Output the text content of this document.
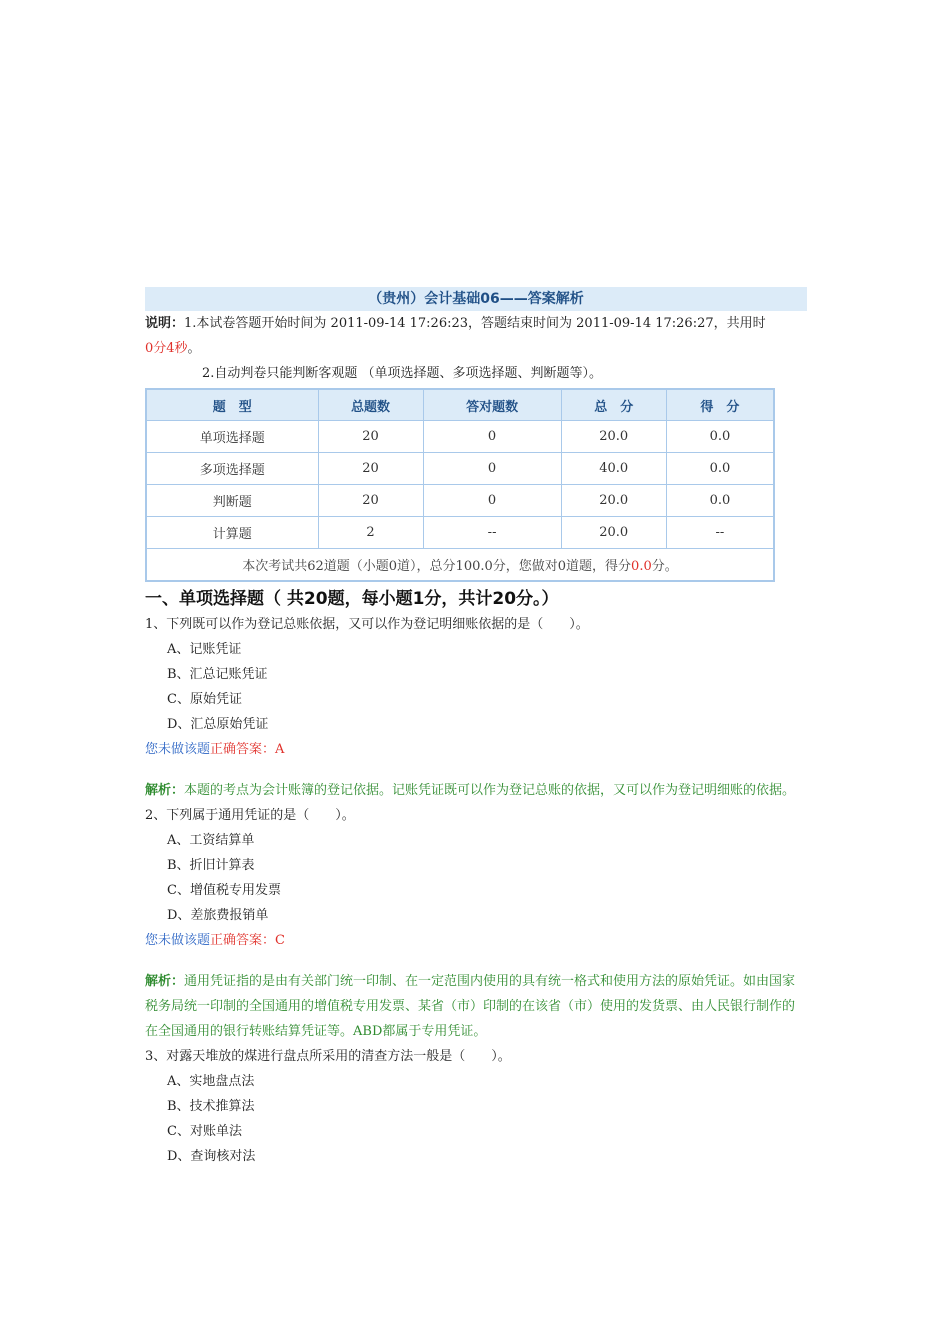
（贵州）会计基础06——答案解析
说明：1.本试卷答题开始时间为 2011-09-14 17:26:23，答题结束时间为 2011-09-14 17:26:27，共用时
0分4秒。
2.自动判卷只能判断客观题 （单项选择题、多项选择题、判断题等）。
题　型	总题数	答对题数	总　分	得　分
单项选择题	20	0	20.0	0.0
多项选择题	20	0	40.0	0.0
判断题	20	0	20.0	0.0
计算题	2	--	20.0	--
本次考试共62道题（小题0道），总分100.0分，您做对0道题，得分0.0分。				
一、单项选择题（ 共20题，每小题1分，共计20分。）
1、下列既可以作为登记总账依据，又可以作为登记明细账依据的是（　　）。
A、记账凭证
B、汇总记账凭证
C、原始凭证
D、汇总原始凭证
您未做该题正确答案：A
解析：本题的考点为会计账簿的登记依据。记账凭证既可以作为登记总账的依据，又可以作为登记明细账的依据。
2、下列属于通用凭证的是（　　）。
A、工资结算单
B、折旧计算表
C、增值税专用发票
D、差旅费报销单
您未做该题正确答案：C
解析：通用凭证指的是由有关部门统一印制、在一定范围内使用的具有统一格式和使用方法的原始凭证。如由国家税务局统一印制的全国通用的增值税专用发票、某省（市）印制的在该省（市）使用的发货票、由人民银行制作的在全国通用的银行转账结算凭证等。ABD都属于专用凭证。
3、对露天堆放的煤进行盘点所采用的清查方法一般是（　　）。
A、实地盘点法
B、技术推算法
C、对账单法
D、查询核对法
